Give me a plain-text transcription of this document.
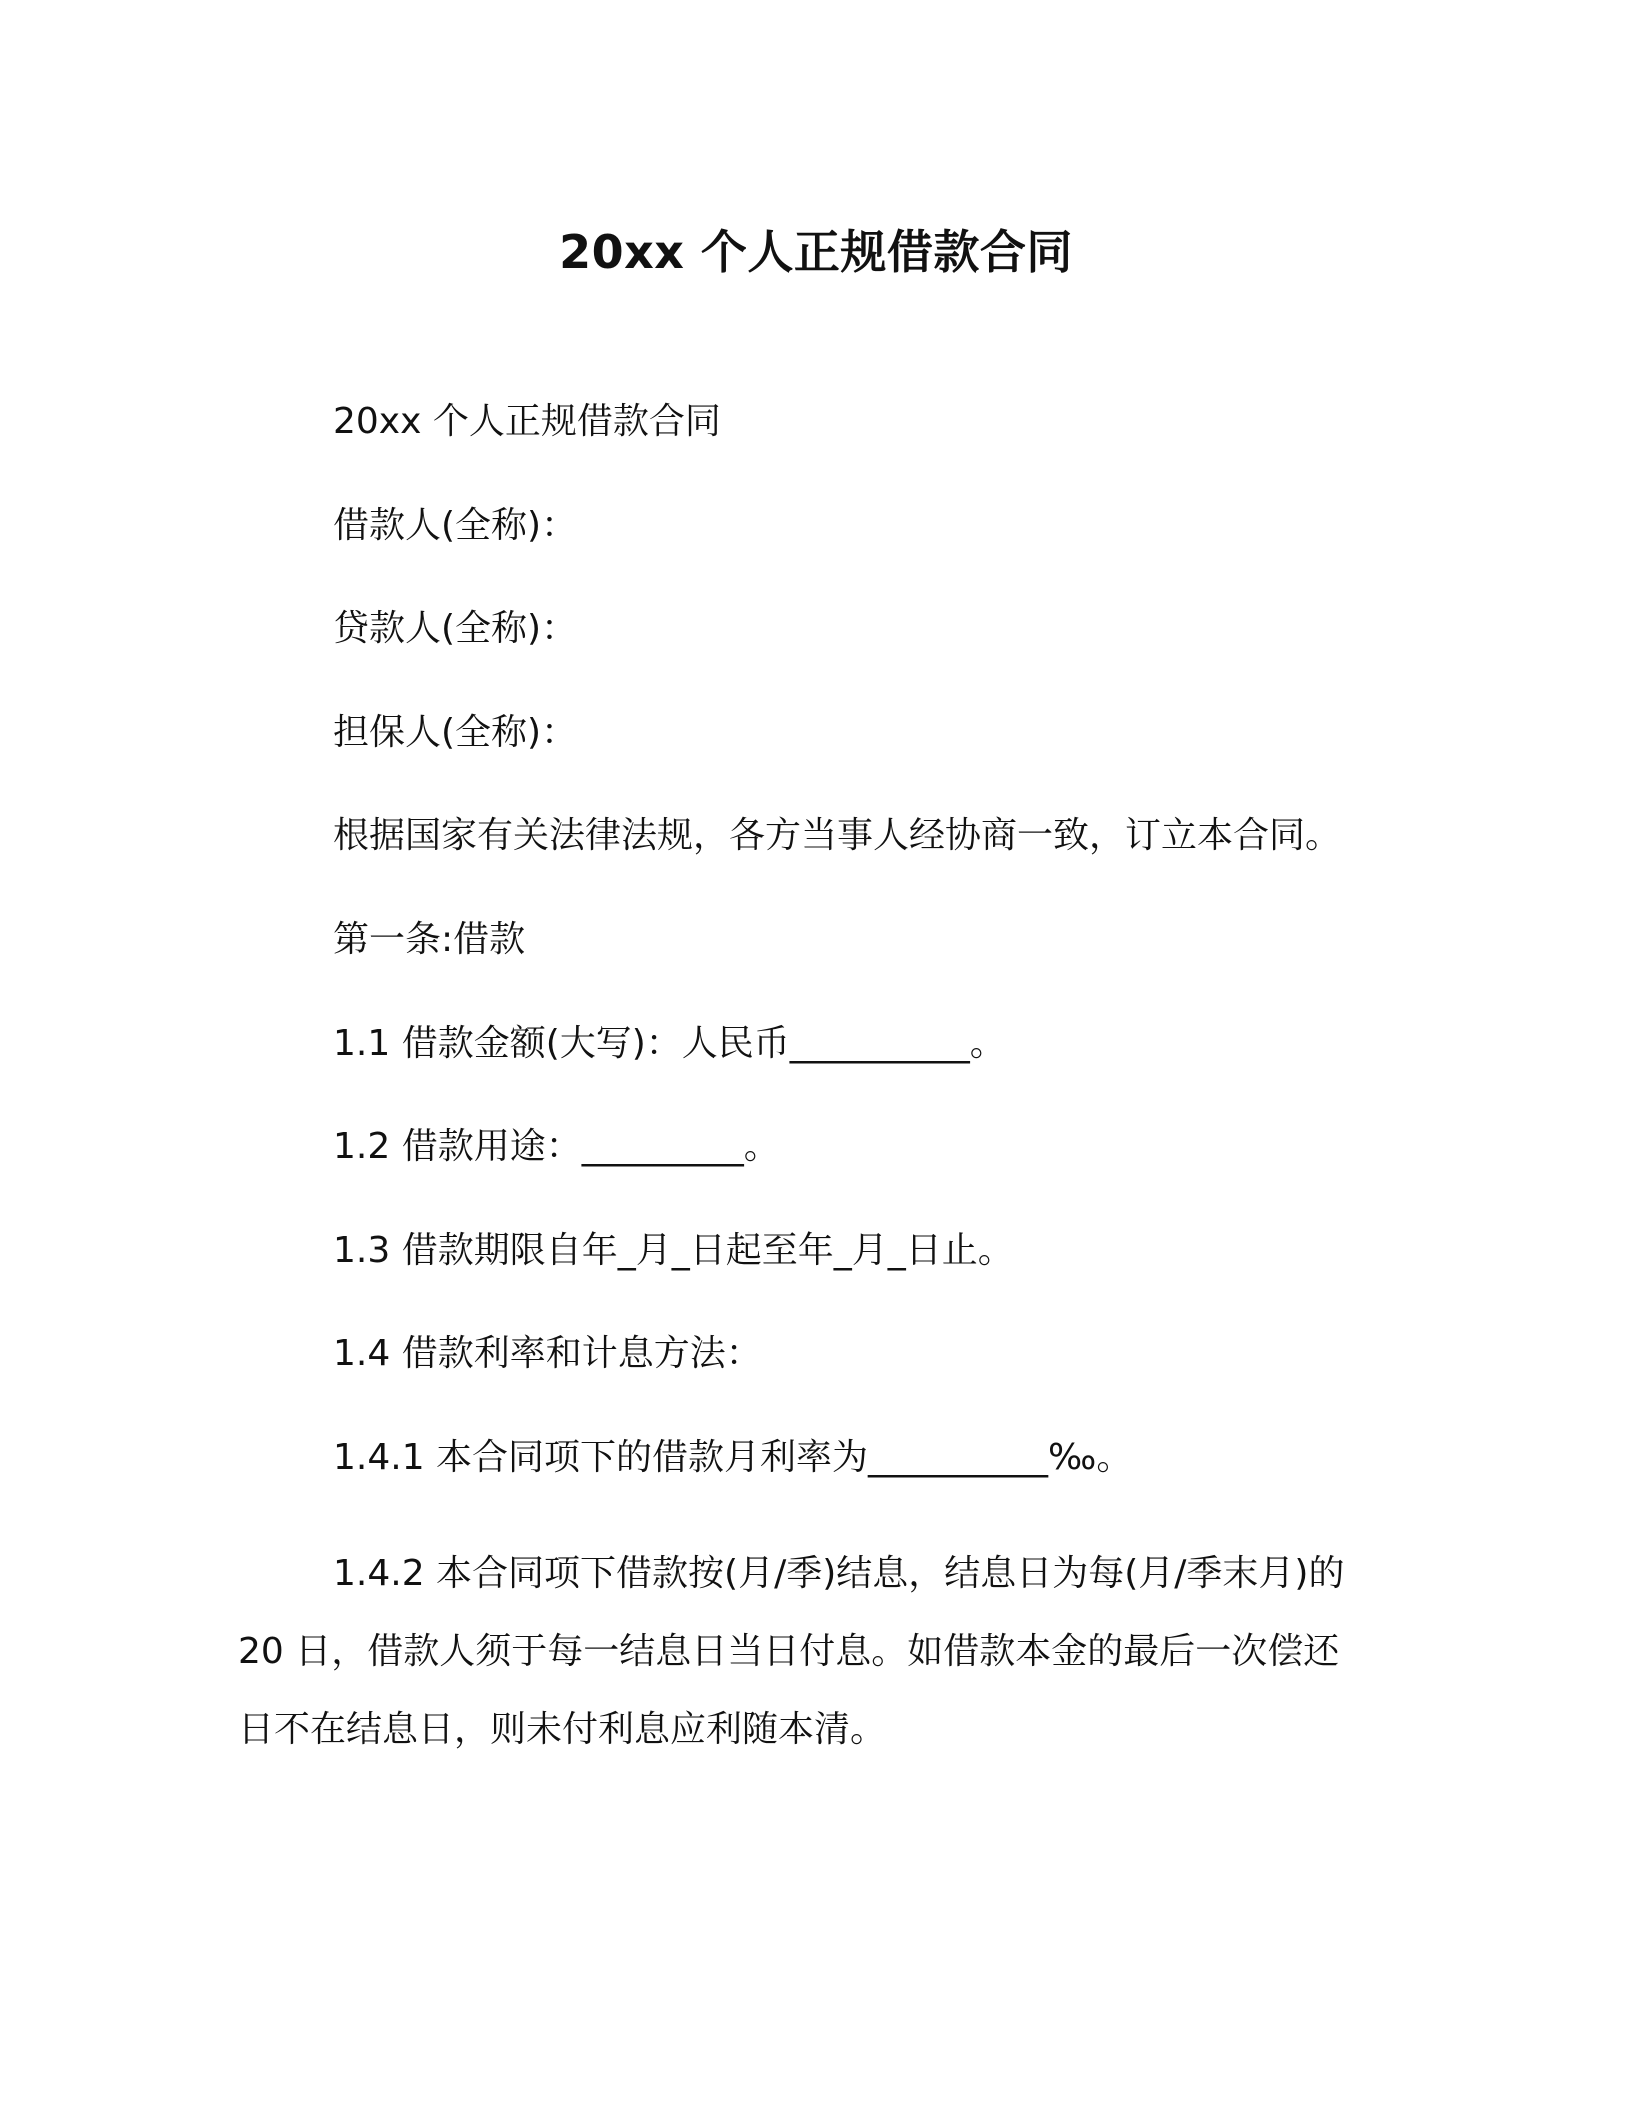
20xx 个人正规借款合同
20xx 个人正规借款合同
借款人(全称)：
贷款人(全称)：
担保人(全称)：
根据国家有关法律法规，各方当事人经协商一致，订立本合同。
第一条:借款
1.1 借款金额(大写)：人民币__________。
1.2 借款用途：_________。
1.3 借款期限自年_月_日起至年_月_日止。
1.4 借款利率和计息方法：
1.4.1 本合同项下的借款月利率为__________‰。
1.4.2 本合同项下借款按(月/季)结息，结息日为每(月/季末月)的20 日，借款人须于每一结息日当日付息。如借款本金的最后一次偿还日不在结息日，则未付利息应利随本清。
